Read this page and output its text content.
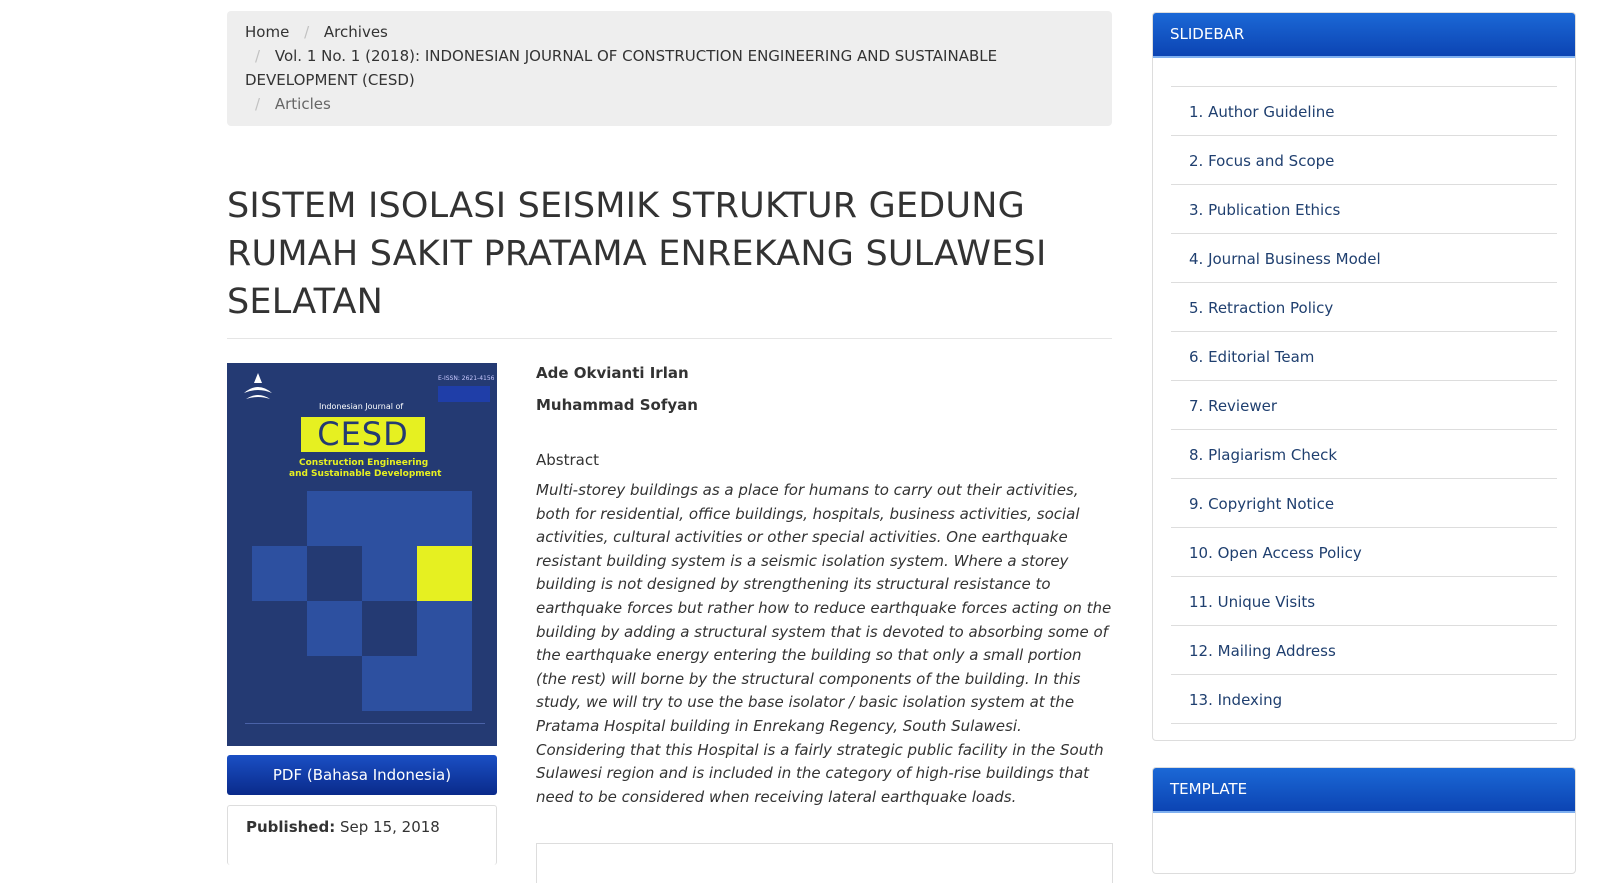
Home / Archives
/ Vol. 1 No. 1 (2018): INDONESIAN JOURNAL OF CONSTRUCTION ENGINEERING AND SUSTAINABLE DEVELOPMENT (CESD)
/ Articles
SISTEM ISOLASI SEISMIK STRUKTUR GEDUNG RUMAH SAKIT PRATAMA ENREKANG SULAWESI SELATAN
E-ISSN: 2621-4156
Indonesian Journal of
CESD
Construction Engineering
and Sustainable Development
PDF (Bahasa Indonesia)
Published: Sep 15, 2018

Ade Okvianti Irlan

Muhammad Sofyan

Abstract
Multi-storey buildings as a place for humans to carry out their activities, both for residential, office buildings, hospitals, business activities, social activities, cultural activities or other special activities. One earthquake resistant building system is a seismic isolation system. Where a storey building is not designed by strengthening its structural resistance to earthquake forces but rather how to reduce earthquake forces acting on the building by adding a structural system that is devoted to absorbing some of the earthquake energy entering the building so that only a small portion (the rest) will borne by the structural components of the building. In this study, we will try to use the base isolator / basic isolation system at the Pratama Hospital building in Enrekang Regency, South Sulawesi. Considering that this Hospital is a fairly strategic public facility in the South Sulawesi region and is included in the category of high-rise buildings that need to be considered when receiving lateral earthquake loads.
SLIDEBAR
1. Author Guideline
2. Focus and Scope
3. Publication Ethics
4. Journal Business Model
5. Retraction Policy
6. Editorial Team
7. Reviewer
8. Plagiarism Check
9. Copyright Notice
10. Open Access Policy
11. Unique Visits
12. Mailing Address
13. Indexing
TEMPLATE
